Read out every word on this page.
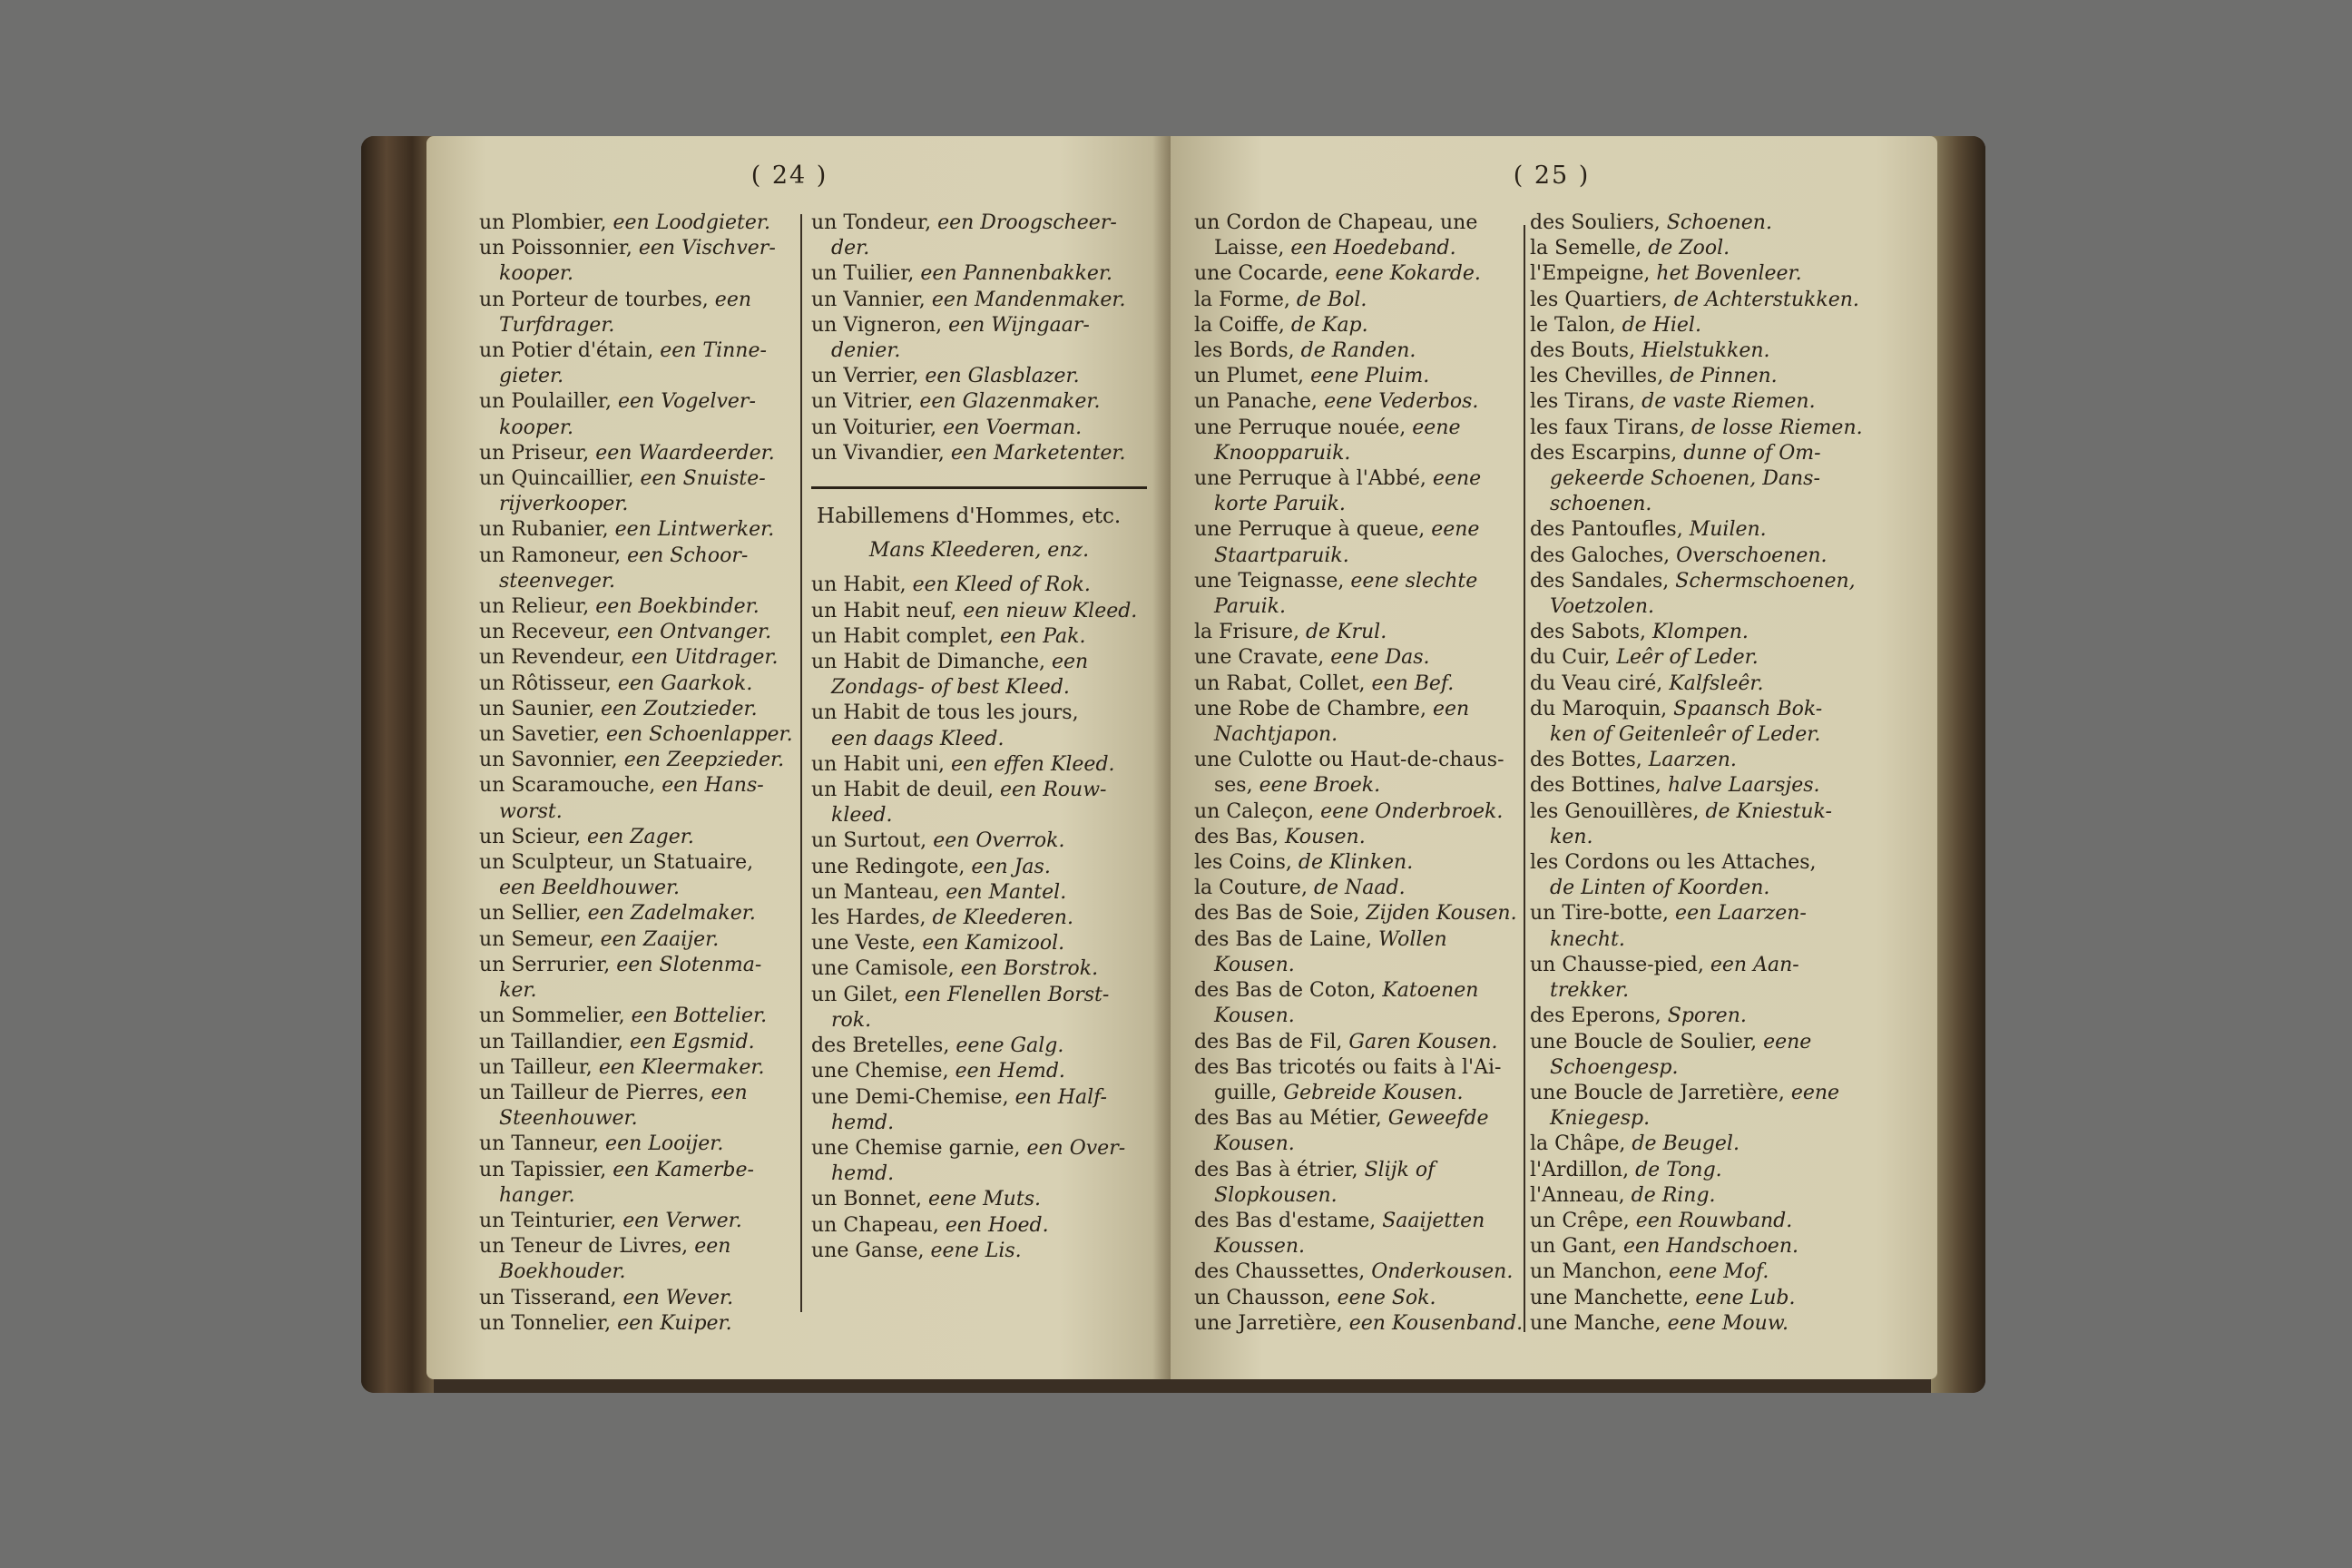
( 24 )
un Plombier, een Loodgieter.
un Poissonnier, een Vischver-
kooper.
un Porteur de tourbes, een
Turfdrager.
un Potier d'étain, een Tinne-
gieter.
un Poulailler, een Vogelver-
kooper.
un Priseur, een Waardeerder.
un Quincaillier, een Snuiste-
rijverkooper.
un Rubanier, een Lintwerker.
un Ramoneur, een Schoor-
steenveger.
un Relieur, een Boekbinder.
un Receveur, een Ontvanger.
un Revendeur, een Uitdrager.
un Rôtisseur, een Gaarkok.
un Saunier, een Zoutzieder.
un Savetier, een Schoenlapper.
un Savonnier, een Zeepzieder.
un Scaramouche, een Hans-
worst.
un Scieur, een Zager.
un Sculpteur, un Statuaire,
een Beeldhouwer.
un Sellier, een Zadelmaker.
un Semeur, een Zaaijer.
un Serrurier, een Slotenma-
ker.
un Sommelier, een Bottelier.
un Taillandier, een Egsmid.
un Tailleur, een Kleermaker.
un Tailleur de Pierres, een
Steenhouwer.
un Tanneur, een Looijer.
un Tapissier, een Kamerbe-
hanger.
un Teinturier, een Verwer.
un Teneur de Livres, een
Boekhouder.
un Tisserand, een Wever.
un Tonnelier, een Kuiper.
un Tondeur, een Droogscheer-
der.
un Tuilier, een Pannenbakker.
un Vannier, een Mandenmaker.
un Vigneron, een Wijngaar-
denier.
un Verrier, een Glasblazer.
un Vitrier, een Glazenmaker.
un Voiturier, een Voerman.
un Vivandier, een Marketenter.
Habillemens d'Hommes, etc.
Mans Kleederen, enz.
un Habit, een Kleed of Rok.
un Habit neuf, een nieuw Kleed.
un Habit complet, een Pak.
un Habit de Dimanche, een
Zondags- of best Kleed.
un Habit de tous les jours,
een daags Kleed.
un Habit uni, een effen Kleed.
un Habit de deuil, een Rouw-
kleed.
un Surtout, een Overrok.
une Redingote, een Jas.
un Manteau, een Mantel.
les Hardes, de Kleederen.
une Veste, een Kamizool.
une Camisole, een Borstrok.
un Gilet, een Flenellen Borst-
rok.
des Bretelles, eene Galg.
une Chemise, een Hemd.
une Demi-Chemise, een Half-
hemd.
une Chemise garnie, een Over-
hemd.
un Bonnet, eene Muts.
un Chapeau, een Hoed.
une Ganse, eene Lis.
( 25 )
un Cordon de Chapeau, une
Laisse, een Hoedeband.
une Cocarde, eene Kokarde.
la Forme, de Bol.
la Coiffe, de Kap.
les Bords, de Randen.
un Plumet, eene Pluim.
un Panache, eene Vederbos.
une Perruque nouée, eene
Knoopparuik.
une Perruque à l'Abbé, eene
korte Paruik.
une Perruque à queue, eene
Staartparuik.
une Teignasse, eene slechte
Paruik.
la Frisure, de Krul.
une Cravate, eene Das.
un Rabat, Collet, een Bef.
une Robe de Chambre, een
Nachtjapon.
une Culotte ou Haut-de-chaus-
ses, eene Broek.
un Caleçon, eene Onderbroek.
des Bas, Kousen.
les Coins, de Klinken.
la Couture, de Naad.
des Bas de Soie, Zijden Kousen.
des Bas de Laine, Wollen
Kousen.
des Bas de Coton, Katoenen
Kousen.
des Bas de Fil, Garen Kousen.
des Bas tricotés ou faits à l'Ai-
guille, Gebreide Kousen.
des Bas au Métier, Geweefde
Kousen.
des Bas à étrier, Slijk of
Slopkousen.
des Bas d'estame, Saaijetten
Koussen.
des Chaussettes, Onderkousen.
un Chausson, eene Sok.
une Jarretière, een Kousenband.
des Souliers, Schoenen.
la Semelle, de Zool.
l'Empeigne, het Bovenleer.
les Quartiers, de Achterstukken.
le Talon, de Hiel.
des Bouts, Hielstukken.
les Chevilles, de Pinnen.
les Tirans, de vaste Riemen.
les faux Tirans, de losse Riemen.
des Escarpins, dunne of Om-
gekeerde Schoenen, Dans-
schoenen.
des Pantoufles, Muilen.
des Galoches, Overschoenen.
des Sandales, Schermschoenen,
Voetzolen.
des Sabots, Klompen.
du Cuir, Leêr of Leder.
du Veau ciré, Kalfsleêr.
du Maroquin, Spaansch Bok-
ken of Geitenleêr of Leder.
des Bottes, Laarzen.
des Bottines, halve Laarsjes.
les Genouillères, de Kniestuk-
ken.
les Cordons ou les Attaches,
de Linten of Koorden.
un Tire-botte, een Laarzen-
knecht.
un Chausse-pied, een Aan-
trekker.
des Eperons, Sporen.
une Boucle de Soulier, eene
Schoengesp.
une Boucle de Jarretière, eene
Kniegesp.
la Châpe, de Beugel.
l'Ardillon, de Tong.
l'Anneau, de Ring.
un Crêpe, een Rouwband.
un Gant, een Handschoen.
un Manchon, eene Mof.
une Manchette, eene Lub.
une Manche, eene Mouw.
